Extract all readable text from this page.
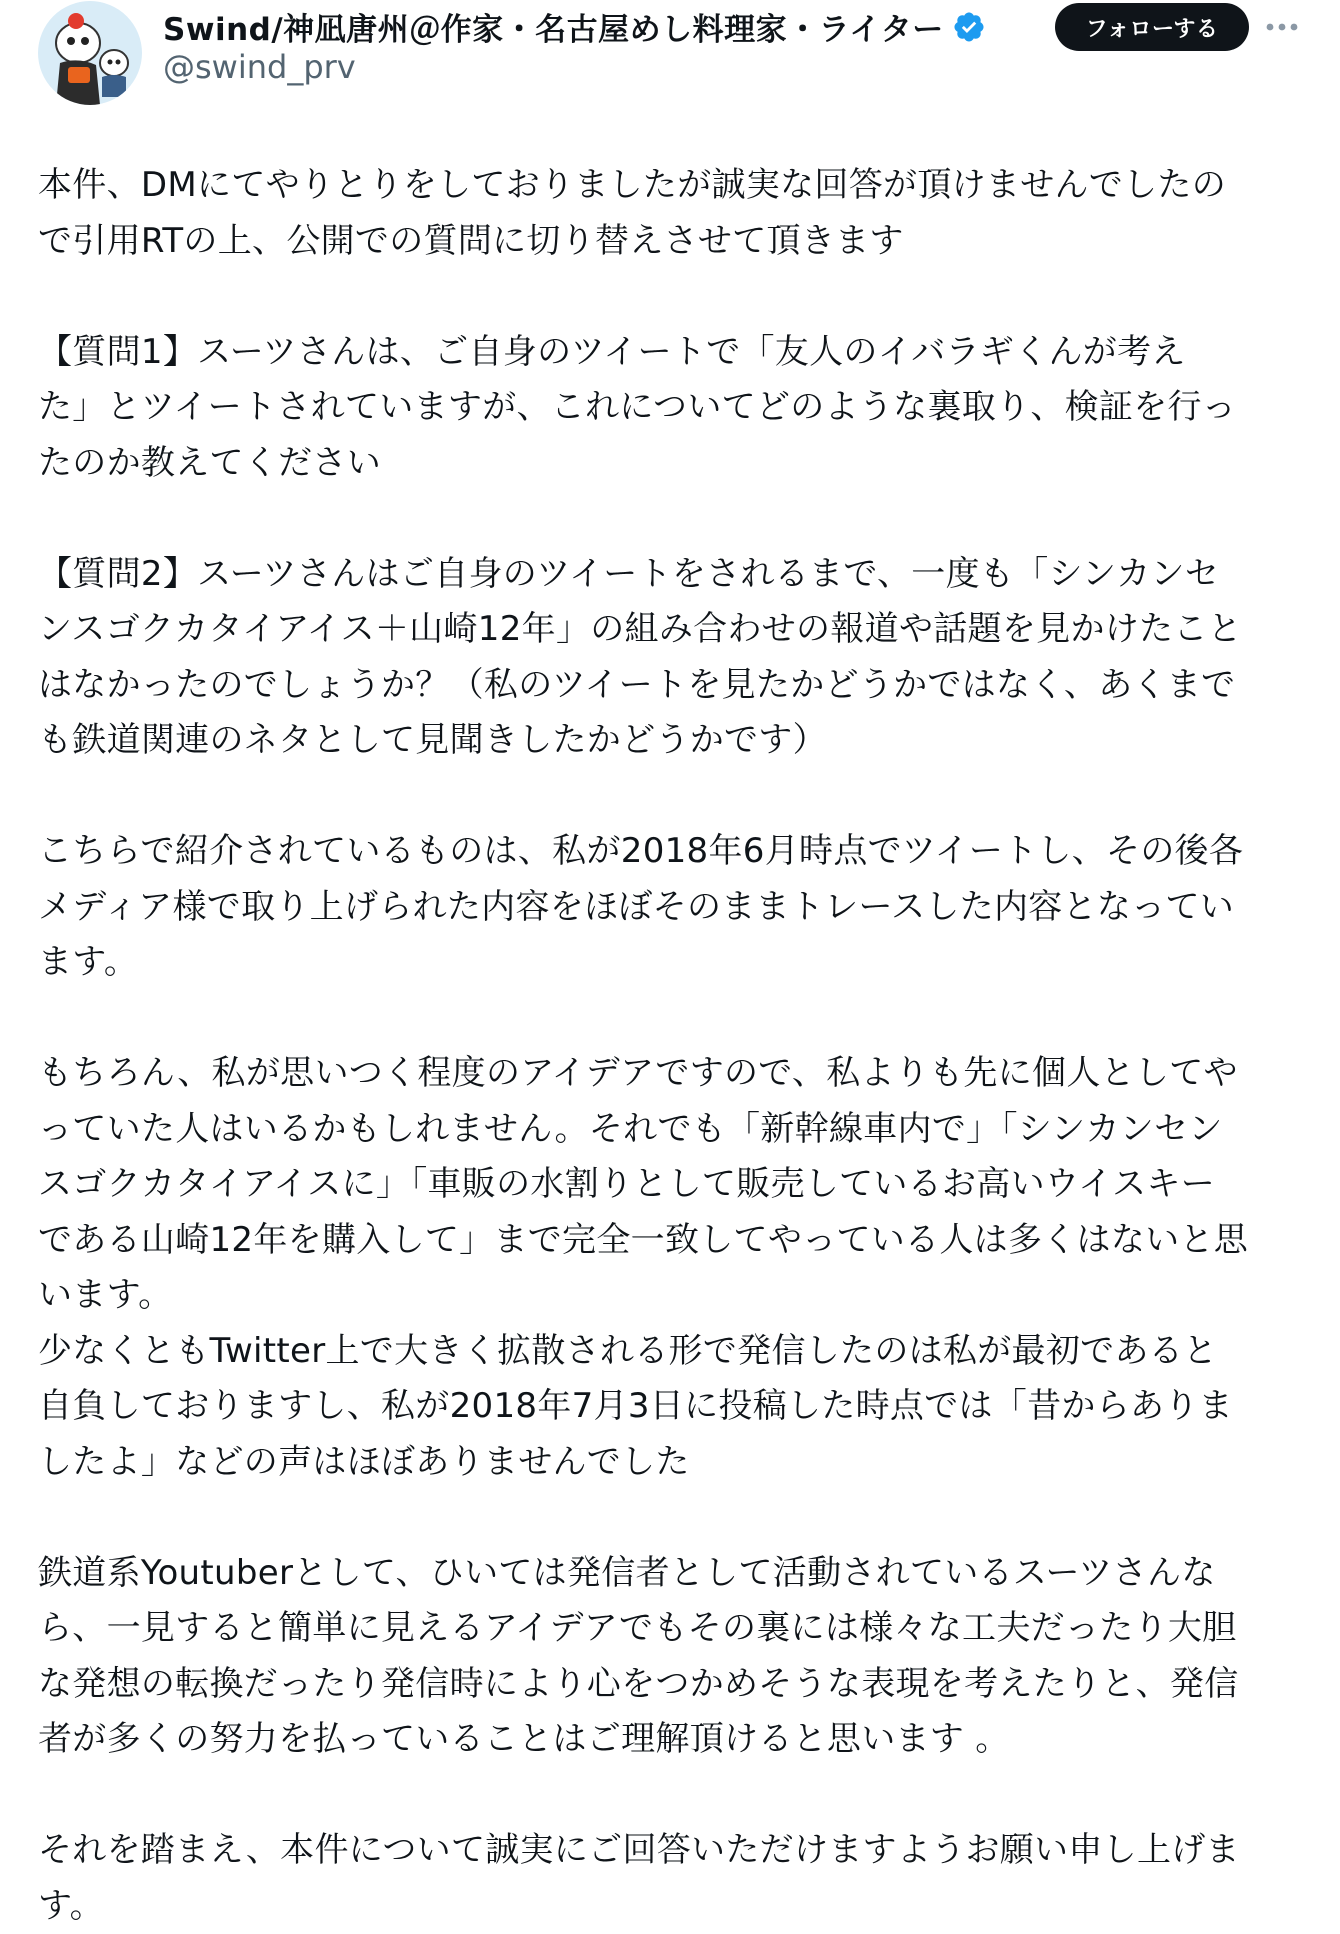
Swind/神凪唐州＠作家・名古屋めし料理家・ライター
@swind_prv
フォローする
本件、DMにてやりとりをしておりましたが誠実な回答が頂けませんでしたの
で引用RTの上、公開での質問に切り替えさせて頂きます
【質問1】スーツさんは、ご自身のツイートで「友人のイバラギくんが考え
た」とツイートされていますが、これについてどのような裏取り、検証を行っ
たのか教えてください
【質問2】スーツさんはご自身のツイートをされるまで、一度も「シンカンセ
ンスゴクカタイアイス＋山崎12年」の組み合わせの報道や話題を見かけたこと
はなかったのでしょうか？（私のツイートを見たかどうかではなく、あくまで
も鉄道関連のネタとして見聞きしたかどうかです）
こちらで紹介されているものは、私が2018年6月時点でツイートし、その後各
メディア様で取り上げられた内容をほぼそのままトレースした内容となってい
ます。
もちろん、私が思いつく程度のアイデアですので、私よりも先に個人としてや
っていた人はいるかもしれません。それでも「新幹線車内で」「シンカンセン
スゴクカタイアイスに」「車販の水割りとして販売しているお高いウイスキー
である山崎12年を購入して」まで完全一致してやっている人は多くはないと思
います。
少なくともTwitter上で大きく拡散される形で発信したのは私が最初であると
自負しておりますし、私が2018年7月3日に投稿した時点では「昔からありま
したよ」などの声はほぼありませんでした
鉄道系Youtuberとして、ひいては発信者として活動されているスーツさんな
ら、一見すると簡単に見えるアイデアでもその裏には様々な工夫だったり大胆
な発想の転換だったり発信時により心をつかめそうな表現を考えたりと、発信
者が多くの努力を払っていることはご理解頂けると思います 。
それを踏まえ、本件について誠実にご回答いただけますようお願い申し上げま
す。
